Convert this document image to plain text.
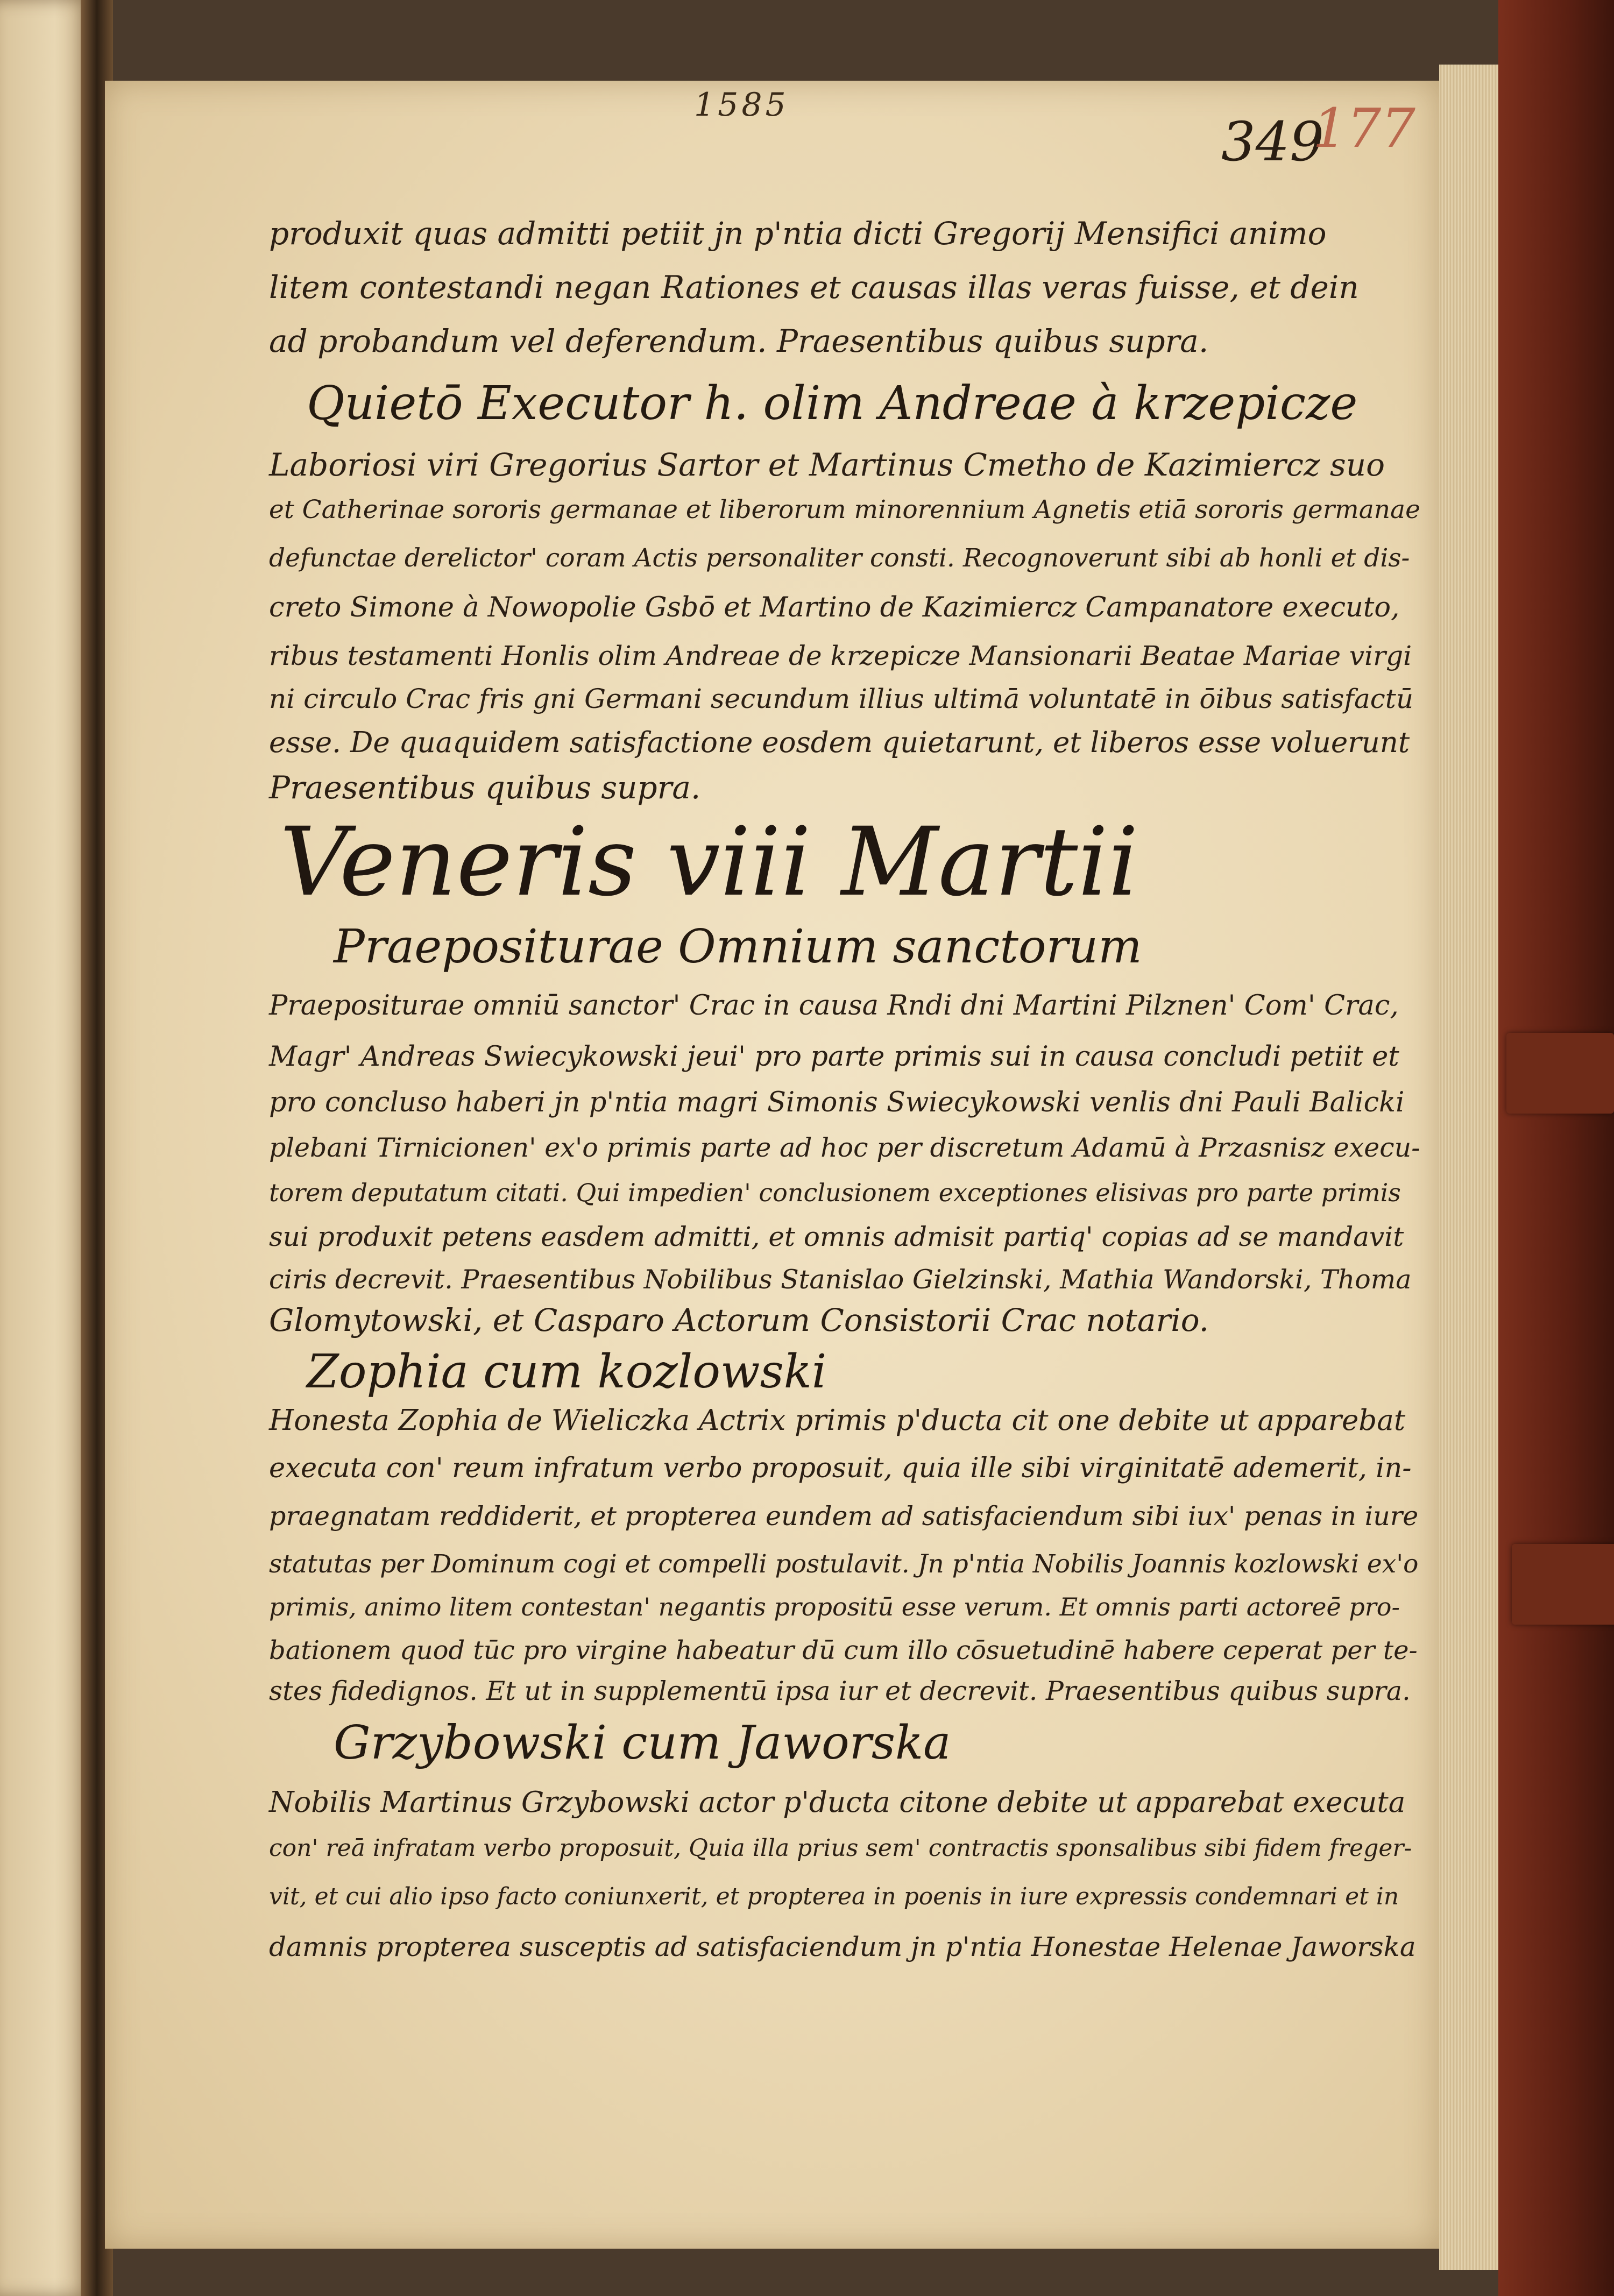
1585
349
177
produxit quas admitti petiit jn p'ntia dicti Gregorij Mensifici animo
litem contestandi negan Rationes et causas illas veras fuisse, et dein
ad probandum vel deferendum. Praesentibus quibus supra.
Quietō Executor h. olim Andreae à krzepicze
Laboriosi viri Gregorius Sartor et Martinus Cmetho de Kazimiercz suo
et Catherinae sororis germanae et liberorum minorennium Agnetis etiā sororis germanae
defunctae derelictor' coram Actis personaliter consti. Recognoverunt sibi ab honli et dis-
creto Simone à Nowopolie Gsbō et Martino de Kazimiercz Campanatore executo,
ribus testamenti Honlis olim Andreae de krzepicze Mansionarii Beatae Mariae virgi
ni circulo Crac fris gni Germani secundum illius ultimā voluntatē in ōibus satisfactū
esse. De quaquidem satisfactione eosdem quietarunt, et liberos esse voluerunt
Praesentibus quibus supra.
Veneris viii Martii
Praepositurae Omnium sanctorum
Praepositurae omniū sanctor' Crac in causa Rndi dni Martini Pilznen' Com' Crac,
Magr' Andreas Swiecykowski jeui' pro parte primis sui in causa concludi petiit et
pro concluso haberi jn p'ntia magri Simonis Swiecykowski venlis dni Pauli Balicki
plebani Tirnicionen' ex'o primis parte ad hoc per discretum Adamū à Przasnisz execu-
torem deputatum citati. Qui impedien' conclusionem exceptiones elisivas pro parte primis
sui produxit petens easdem admitti, et omnis admisit partiq' copias ad se mandavit
ciris decrevit. Praesentibus Nobilibus Stanislao Gielzinski, Mathia Wandorski, Thoma
Glomytowski, et Casparo Actorum Consistorii Crac notario.
Zophia cum kozlowski
Honesta Zophia de Wieliczka Actrix primis p'ducta cit one debite ut apparebat
executa con' reum infratum verbo proposuit, quia ille sibi virginitatē ademerit, in-
praegnatam reddiderit, et propterea eundem ad satisfaciendum sibi iux' penas in iure
statutas per Dominum cogi et compelli postulavit. Jn p'ntia Nobilis Joannis kozlowski ex'o
primis, animo litem contestan' negantis propositū esse verum. Et omnis parti actoreē pro-
bationem quod tūc pro virgine habeatur dū cum illo cōsuetudinē habere ceperat per te-
stes fidedignos. Et ut in supplementū ipsa iur et decrevit. Praesentibus quibus supra.
Grzybowski cum Jaworska
Nobilis Martinus Grzybowski actor p'ducta citone debite ut apparebat executa
con' reā infratam verbo proposuit, Quia illa prius sem' contractis sponsalibus sibi fidem freger-
vit, et cui alio ipso facto coniunxerit, et propterea in poenis in iure expressis condemnari et in
damnis propterea susceptis ad satisfaciendum jn p'ntia Honestae Helenae Jaworska
